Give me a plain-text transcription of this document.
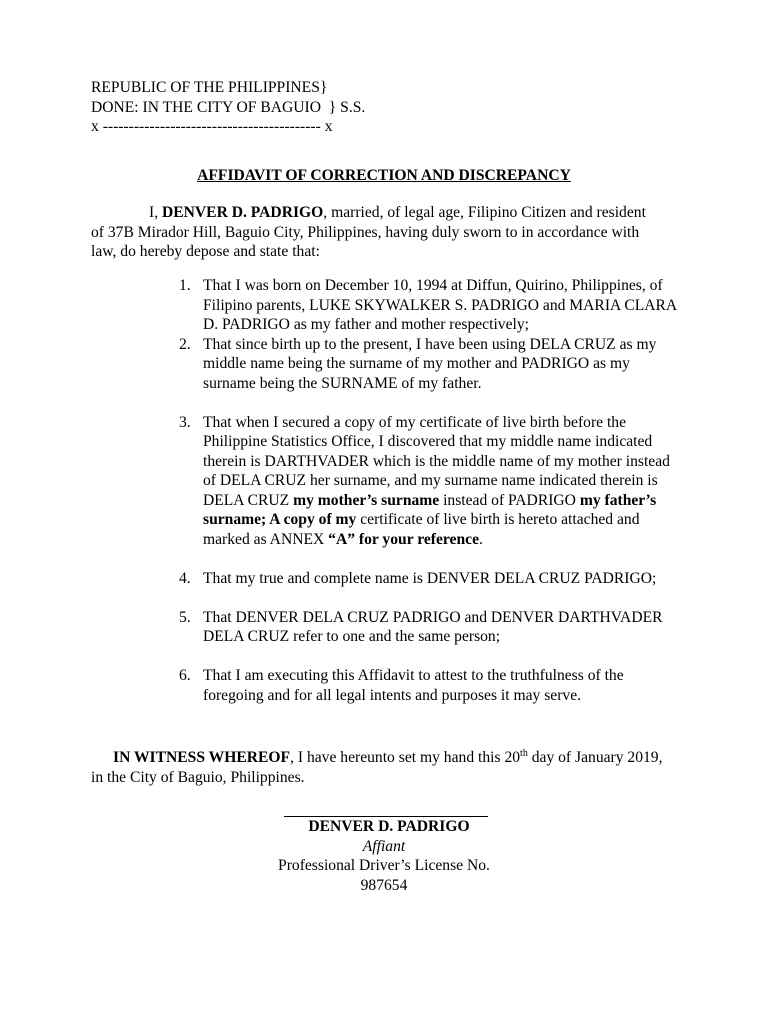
REPUBLIC OF THE PHILIPPINES}
DONE: IN THE CITY OF BAGUIO  } S.S.
x ------------------------------------------ x
AFFIDAVIT OF CORRECTION AND DISCREPANCY
I, DENVER D. PADRIGO, married, of legal age, Filipino Citizen and resident of 37B Mirador Hill, Baguio City, Philippines, having duly sworn to in accordance with law, do hereby depose and state that:
1. That I was born on December 10, 1994 at Diffun, Quirino, Philippines, of Filipino parents, LUKE SKYWALKER S. PADRIGO and MARIA CLARA D. PADRIGO as my father and mother respectively;
2. That since birth up to the present, I have been using DELA CRUZ as my middle name being the surname of my mother and PADRIGO as my surname being the SURNAME of my father.
3. That when I secured a copy of my certificate of live birth before the Philippine Statistics Office, I discovered that my middle name indicated therein is DARTHVADER which is the middle name of my mother instead of DELA CRUZ her surname, and my surname name indicated therein is DELA CRUZ my mother’s surname instead of PADRIGO my father’s surname; A copy of my certificate of live birth is hereto attached and marked as ANNEX “A” for your reference.
4. That my true and complete name is DENVER DELA CRUZ PADRIGO;
5. That DENVER DELA CRUZ PADRIGO and DENVER DARTHVADER DELA CRUZ refer to one and the same person;
6. That I am executing this Affidavit to attest to the truthfulness of the foregoing and for all legal intents and purposes it may serve.
IN WITNESS WHEREOF, I have hereunto set my hand this 20th day of January 2019, in the City of Baguio, Philippines.
DENVER D. PADRIGO
Affiant
Professional Driver’s License No.
987654
